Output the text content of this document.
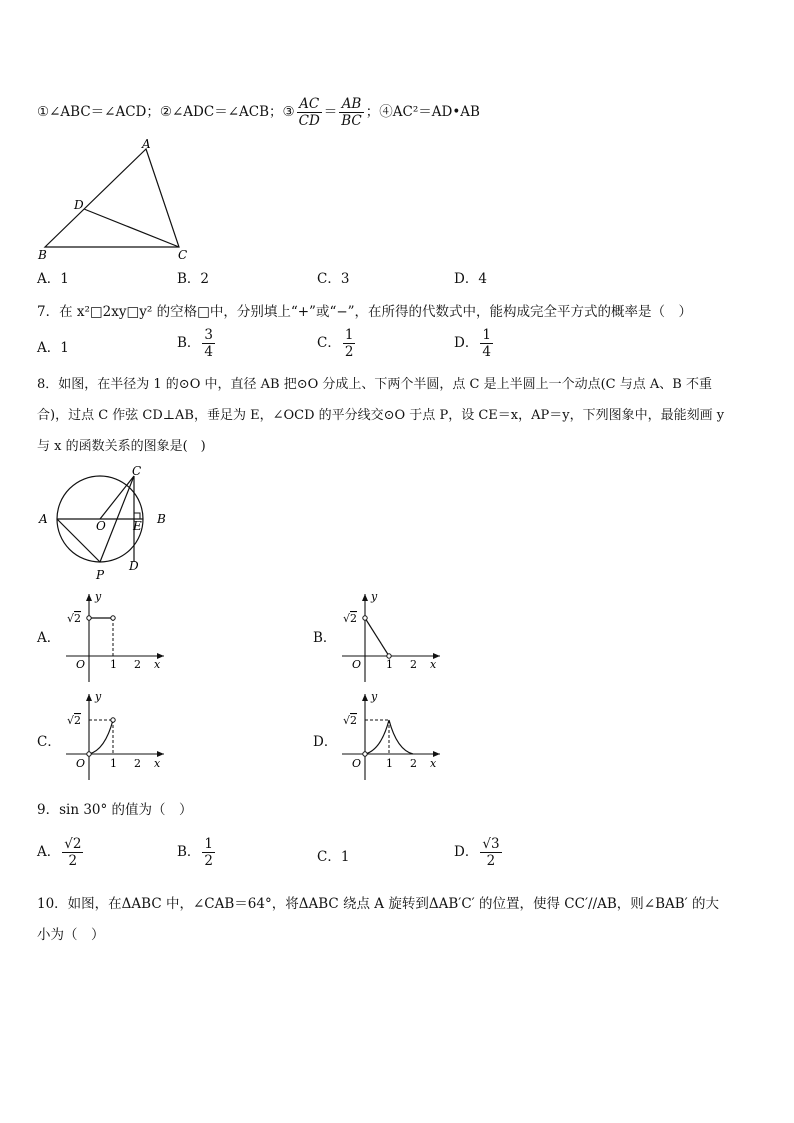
①∠ABC＝∠ACD；②∠ADC＝∠ACB；③ $\frac{AC}{CD} = \frac{AB}{BC}$ ；④AC²＝AD•AB
A
D
B	C
A．1	B．2	C．3	D．4
7．在 x²□2xy□y² 的空格□中，分别填上“+”或“−”，在所得的代数式中，能构成完全平方式的概率是（　）
A．1	B． $\frac{3}{4}$	C． $\frac{1}{2}$	D． $\frac{1}{4}$
8．如图，在半径为 1 的⊙O 中，直径 AB 把⊙O 分成上、下两个半圆，点 C 是上半圆上一个动点(C 与点 A、B 不重
合)，过点 C 作弦 CD⊥AB，垂足为 E，∠OCD 的平分线交⊙O 于点 P，设 CE＝x，AP＝y，下列图象中，最能刻画 y
与 x 的函数关系的图象是(　)
C
A	B
O E
D
P
A．	B．
C．	D．
y
√2
O 1 2 x
y
√2
O 1 2 x
y
√2
O 1 2 x
y
√2
O 1 2 x
9．sin 30° 的值为（　）
A． $\frac{√2}{2}$	B． $\frac{1}{2}$	C．1	D． $\frac{√3}{2}$
10．如图，在ΔABC 中，∠CAB＝64°，将ΔABC 绕点 A 旋转到ΔAB′C′ 的位置，使得 CC′//AB，则∠BAB′ 的大
小为（　）
